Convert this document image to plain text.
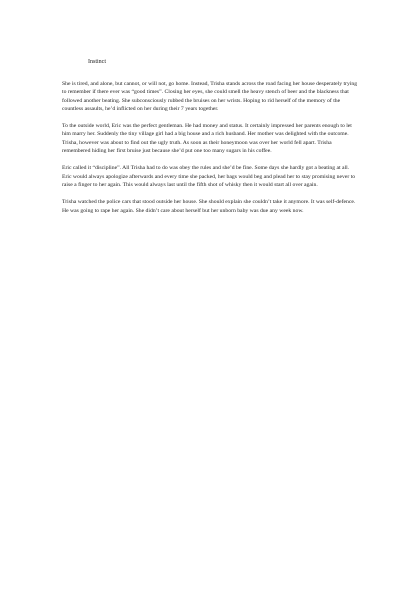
Instinct

She is tired, and alone, but cannot, or will not, go home. Instead, Trisha stands across the road facing her house desperately trying to remember if there ever was “good times”. Closing her eyes, she could smell the heavy stench of beer and the blackness that followed another beating. She subconsciously rubbed the bruises on her wrists. Hoping to rid herself of the memory of the countless assaults, he’d inflicted on her during their 7 years together.

To the outside world, Eric was the perfect gentleman. He had money and status. It certainly impressed her parents enough to let him marry her. Suddenly the tiny village girl had a big house and a rich husband. Her mother was delighted with the outcome. Trisha, however was about to find out the ugly truth. As soon as their honeymoon was over her world fell apart. Trisha remembered hiding her first bruise just because she’d put one too many sugars in his coffee.

Eric called it “discipline”. All Trisha had to do was obey the rules and she’d be fine. Some days she hardly got a beating at all. Eric would always apologize afterwards and every time she packed, her bags would beg and plead her to stay promising never to raise a finger to her again. This would always last until the fifth shot of whisky then it would start all over again.

Trisha watched the police cars that stood outside her house. She should explain she couldn’t take it anymore. It was self-defence. He was going to rape her again. She didn’t care about herself but her unborn baby was due any week now.
